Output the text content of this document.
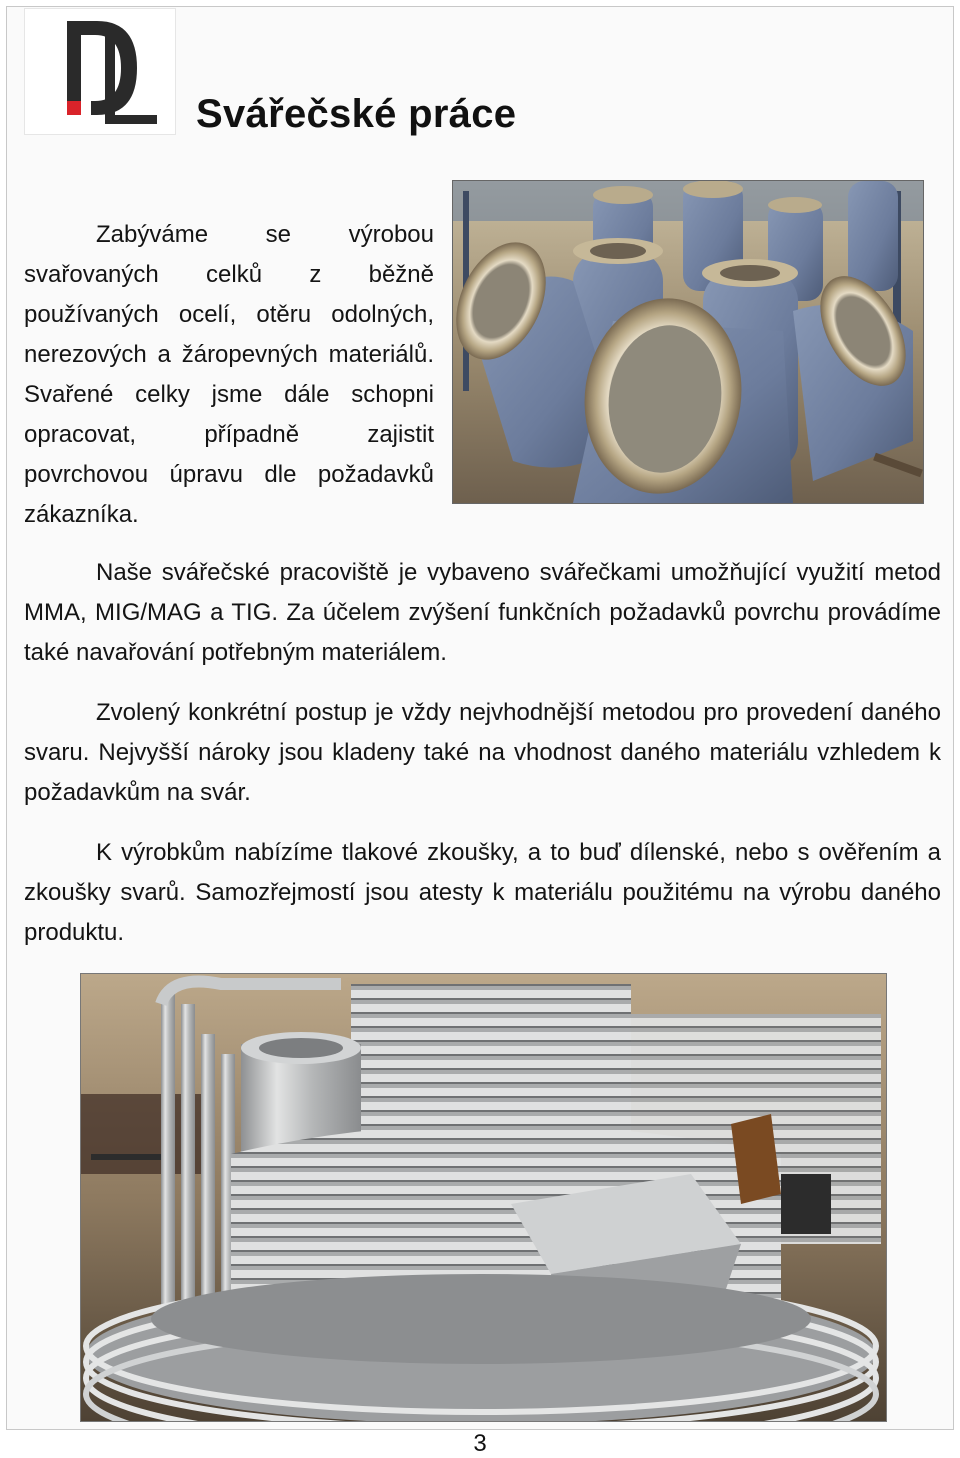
Svářečské práce

Zabýváme se výrobou svařovaných celků z běžně používaných ocelí, otěru odolných, nerezových a žáropevných materiálů. Svařené celky jsme dále schopni opracovat, případně zajistit povrchovou úpravu dle požadavků zákazníka.

Naše svářečské pracoviště je vybaveno svářečkami umožňující využití metod MMA, MIG/MAG a TIG. Za účelem zvýšení funkčních požadavků povrchu provádíme také navařování potřebným materiálem.

Zvolený konkrétní postup je vždy nejvhodnější metodou pro provedení daného svaru. Nejvyšší nároky jsou kladeny také na vhodnost daného materiálu vzhledem k požadavkům na svár.

K výrobkům nabízíme tlakové zkoušky, a to buď dílenské, nebo s ověřením a zkoušky svarů. Samozřejmostí jsou atesty k materiálu použitému na výrobu daného produktu.

3
